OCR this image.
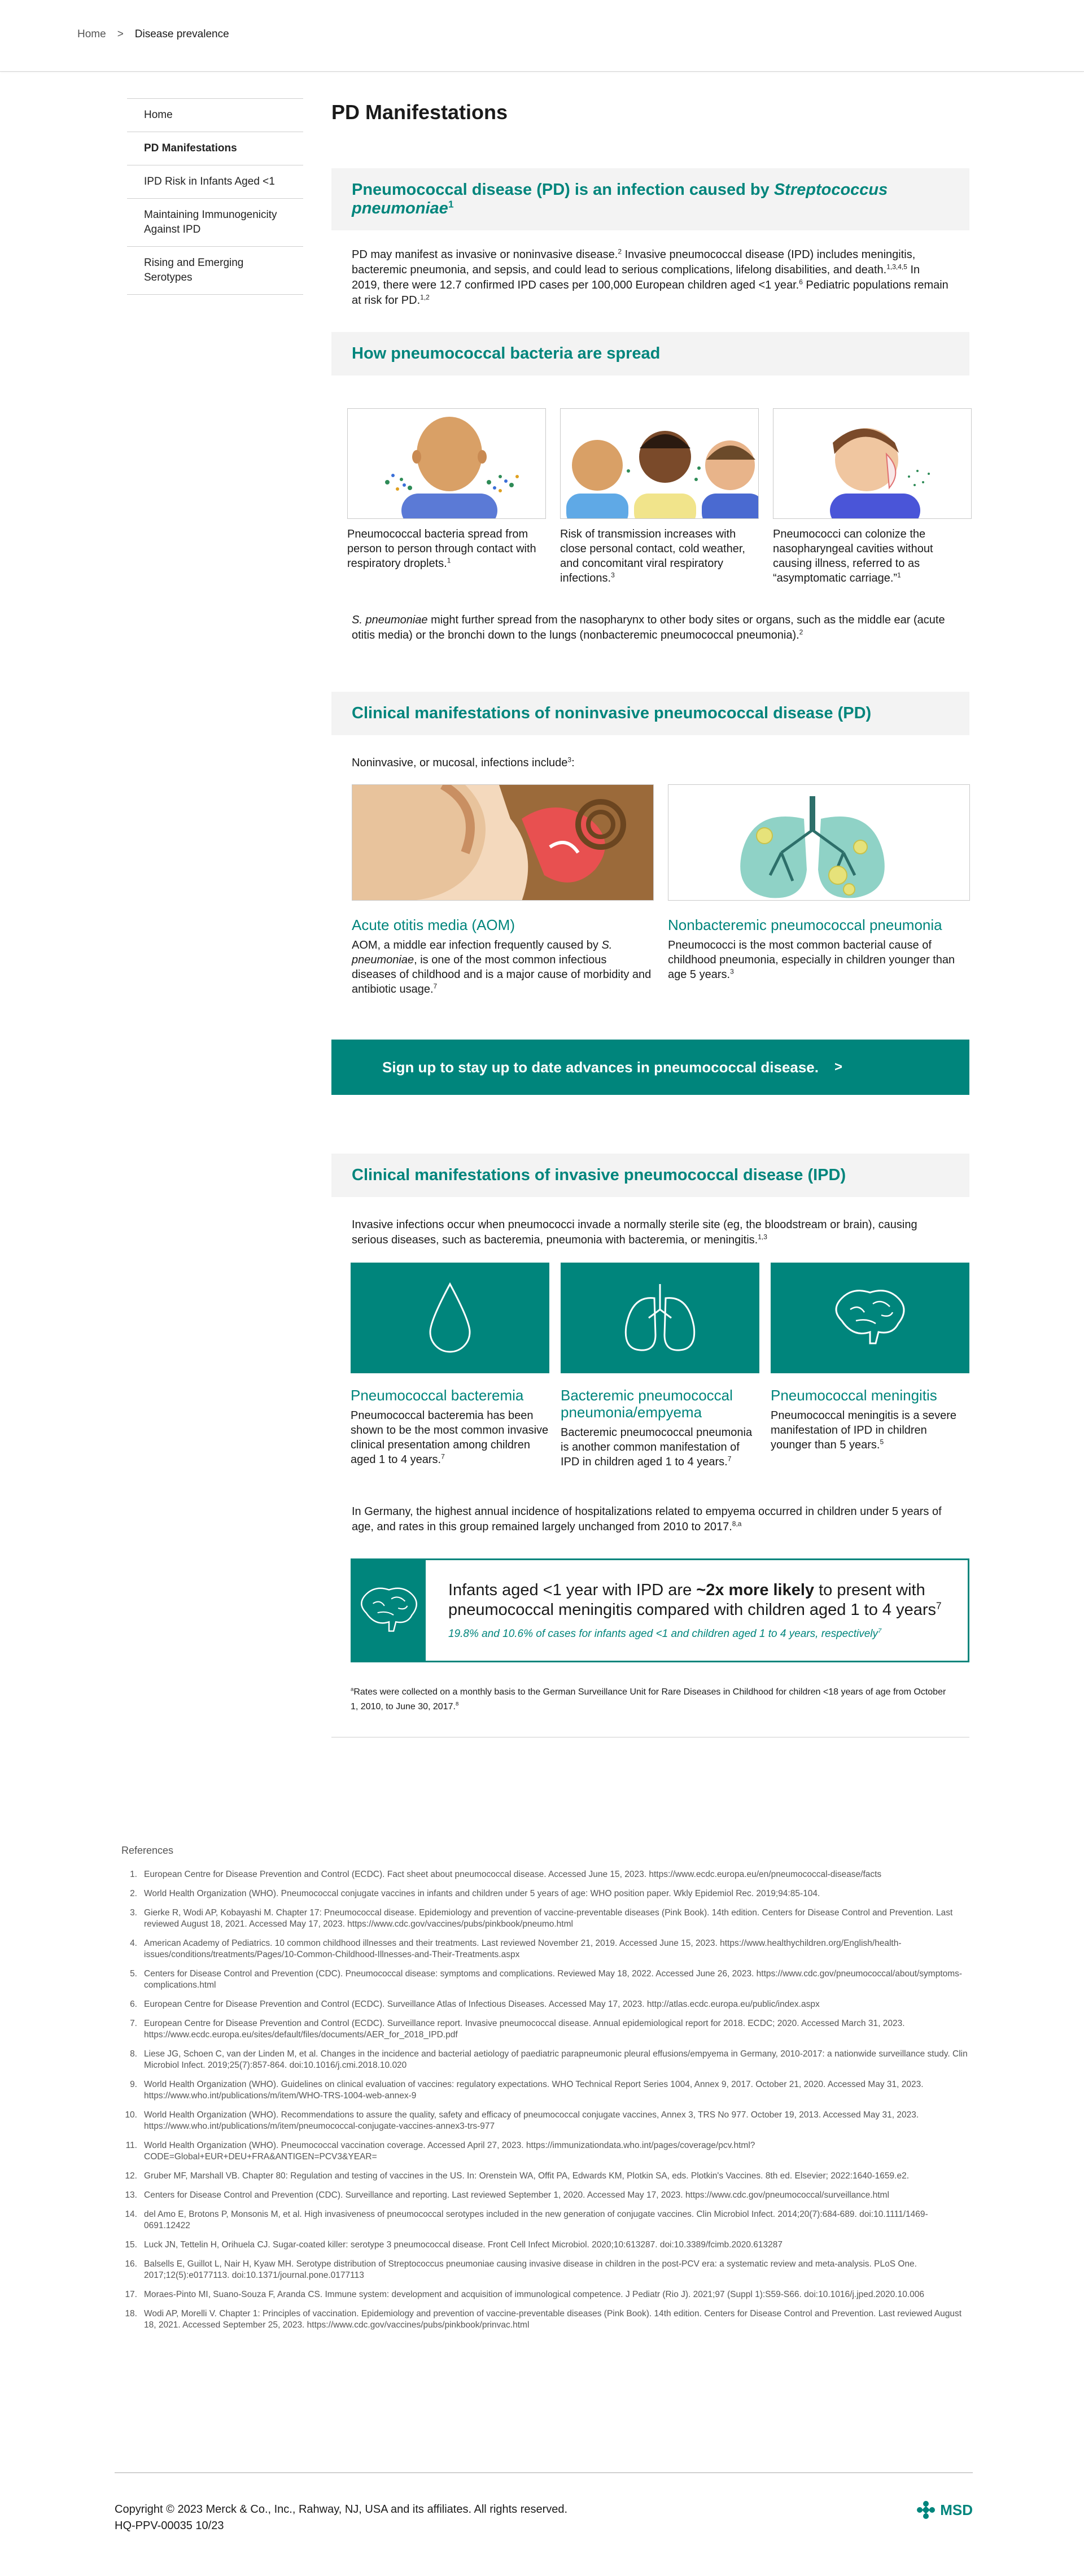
Home > Disease prevalence
Home
PD Manifestations
IPD Risk in Infants Aged <1
Maintaining Immunogenicity Against IPD
Rising and Emerging Serotypes
PD Manifestations
Pneumococcal disease (PD) is an infection caused by Streptococcus pneumoniae$^1$

PD may manifest as invasive or noninvasive disease.$^2$ Invasive pneumococcal disease (IPD) includes meningitis, bacteremic pneumonia, and sepsis, and could lead to serious complications, lifelong disabilities, and death.$^{1,3,4,5}$ In 2019, there were 12.7 confirmed IPD cases per 100,000 European children aged <1 year.$^6$ Pediatric populations remain at risk for PD.$^{1,2}$

How pneumococcal bacteria are spread

Pneumococcal bacteria spread from person to person through contact with respiratory droplets.$^1$

Risk of transmission increases with close personal contact, cold weather, and concomitant viral respiratory infections.$^3$

Pneumococci can colonize the nasopharyngeal cavities without causing illness, referred to as “asymptomatic carriage.”$^1$

S. pneumoniae might further spread from the nasopharynx to other body sites or organs, such as the middle ear (acute otitis media) or the bronchi down to the lungs (nonbacteremic pneumococcal pneumonia).$^2$

Clinical manifestations of noninvasive pneumococcal disease (PD)

Noninvasive, or mucosal, infections include$^3$:

Acute otitis media (AOM)

AOM, a middle ear infection frequently caused by S. pneumoniae, is one of the most common infectious diseases of childhood and is a major cause of morbidity and antibiotic usage.$^7$

Nonbacteremic pneumococcal pneumonia

Pneumococci is the most common bacterial cause of childhood pneumonia, especially in children younger than age 5 years.$^3$

Sign up to stay up to date advances in pneumococcal disease. >
Clinical manifestations of invasive pneumococcal disease (IPD)

Invasive infections occur when pneumococci invade a normally sterile site (eg, the bloodstream or brain), causing serious diseases, such as bacteremia, pneumonia with bacteremia, or meningitis.$^{1,3}$

Pneumococcal bacteremia

Pneumococcal bacteremia has been shown to be the most common invasive clinical presentation among children aged 1 to 4 years.$^7$

Bacteremic pneumococcal pneumonia/empyema

Bacteremic pneumococcal pneumonia is another common manifestation of IPD in children aged 1 to 4 years.$^7$

Pneumococcal meningitis

Pneumococcal meningitis is a severe manifestation of IPD in children younger than 5 years.$^5$

In Germany, the highest annual incidence of hospitalizations related to empyema occurred in children under 5 years of age, and rates in this group remained largely unchanged from 2010 to 2017.$^{8,a}$

Infants aged <1 year with IPD are ~2x more likely to present with pneumococcal meningitis compared with children aged 1 to 4 years$^7$

19.8% and 10.6% of cases for infants aged <1 and children aged 1 to 4 years, respectively$^7$

$^a$Rates were collected on a monthly basis to the German Surveillance Unit for Rare Diseases in Childhood for children <18 years of age from October 1, 2010, to June 30, 2017.$^8$

References
1. European Centre for Disease Prevention and Control (ECDC). Fact sheet about pneumococcal disease. Accessed June 15, 2023. https://www.ecdc.europa.eu/en/pneumococcal-disease/facts
2. World Health Organization (WHO). Pneumococcal conjugate vaccines in infants and children under 5 years of age: WHO position paper. Wkly Epidemiol Rec. 2019;94:85-104.
3. Gierke R, Wodi AP, Kobayashi M. Chapter 17: Pneumococcal disease. Epidemiology and prevention of vaccine-preventable diseases (Pink Book). 14th edition. Centers for Disease Control and Prevention. Last reviewed August 18, 2021. Accessed May 17, 2023. https://www.cdc.gov/vaccines/pubs/pinkbook/pneumo.html
4. American Academy of Pediatrics. 10 common childhood illnesses and their treatments. Last reviewed November 21, 2019. Accessed June 15, 2023. https://www.healthychildren.org/English/health-issues/conditions/treatments/Pages/10-Common-Childhood-Illnesses-and-Their-Treatments.aspx
5. Centers for Disease Control and Prevention (CDC). Pneumococcal disease: symptoms and complications. Reviewed May 18, 2022. Accessed June 26, 2023. https://www.cdc.gov/pneumococcal/about/symptoms-complications.html
6. European Centre for Disease Prevention and Control (ECDC). Surveillance Atlas of Infectious Diseases. Accessed May 17, 2023. http://atlas.ecdc.europa.eu/public/index.aspx
7. European Centre for Disease Prevention and Control (ECDC). Surveillance report. Invasive pneumococcal disease. Annual epidemiological report for 2018. ECDC; 2020. Accessed March 31, 2023. https://www.ecdc.europa.eu/sites/default/files/documents/AER_for_2018_IPD.pdf
8. Liese JG, Schoen C, van der Linden M, et al. Changes in the incidence and bacterial aetiology of paediatric parapneumonic pleural effusions/empyema in Germany, 2010-2017: a nationwide surveillance study. Clin Microbiol Infect. 2019;25(7):857-864. doi:10.1016/j.cmi.2018.10.020
9. World Health Organization (WHO). Guidelines on clinical evaluation of vaccines: regulatory expectations. WHO Technical Report Series 1004, Annex 9, 2017. October 21, 2020. Accessed May 31, 2023. https://www.who.int/publications/m/item/WHO-TRS-1004-web-annex-9
10. World Health Organization (WHO). Recommendations to assure the quality, safety and efficacy of pneumococcal conjugate vaccines, Annex 3, TRS No 977. October 19, 2013. Accessed May 31, 2023. https://www.who.int/publications/m/item/pneumococcal-conjugate-vaccines-annex3-trs-977
11. World Health Organization (WHO). Pneumococcal vaccination coverage. Accessed April 27, 2023. https://immunizationdata.who.int/pages/coverage/pcv.html?CODE=Global+EUR+DEU+FRA&ANTIGEN=PCV3&YEAR=
12. Gruber MF, Marshall VB. Chapter 80: Regulation and testing of vaccines in the US. In: Orenstein WA, Offit PA, Edwards KM, Plotkin SA, eds. Plotkin's Vaccines. 8th ed. Elsevier; 2022:1640-1659.e2.
13. Centers for Disease Control and Prevention (CDC). Surveillance and reporting. Last reviewed September 1, 2020. Accessed May 17, 2023. https://www.cdc.gov/pneumococcal/surveillance.html
14. del Amo E, Brotons P, Monsonis M, et al. High invasiveness of pneumococcal serotypes included in the new generation of conjugate vaccines. Clin Microbiol Infect. 2014;20(7):684-689. doi:10.1111/1469-0691.12422
15. Luck JN, Tettelin H, Orihuela CJ. Sugar-coated killer: serotype 3 pneumococcal disease. Front Cell Infect Microbiol. 2020;10:613287. doi:10.3389/fcimb.2020.613287
16. Balsells E, Guillot L, Nair H, Kyaw MH. Serotype distribution of Streptococcus pneumoniae causing invasive disease in children in the post-PCV era: a systematic review and meta-analysis. PLoS One. 2017;12(5):e0177113. doi:10.1371/journal.pone.0177113
17. Moraes-Pinto MI, Suano-Souza F, Aranda CS. Immune system: development and acquisition of immunological competence. J Pediatr (Rio J). 2021;97 (Suppl 1):S59-S66. doi:10.1016/j.jped.2020.10.006
18. Wodi AP, Morelli V. Chapter 1: Principles of vaccination. Epidemiology and prevention of vaccine-preventable diseases (Pink Book). 14th edition. Centers for Disease Control and Prevention. Last reviewed August 18, 2021. Accessed September 25, 2023. https://www.cdc.gov/vaccines/pubs/pinkbook/prinvac.html
Copyright © 2023 Merck & Co., Inc., Rahway, NJ, USA and its affiliates. All rights reserved.
HQ-PPV-00035 10/23
MSD
